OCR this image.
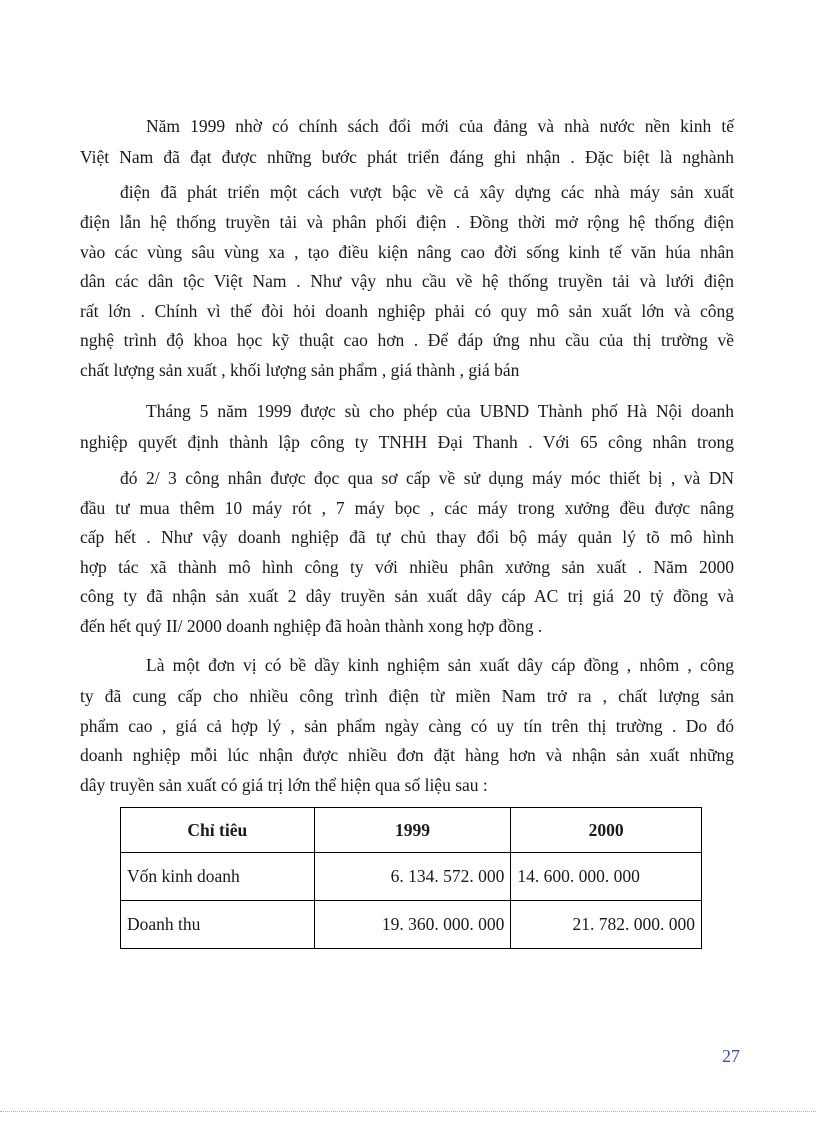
Năm 1999 nhờ có chính sách đổi mới của đảng và nhà nước nền kinh tế
Việt Nam đã đạt được những bước phát triển đáng ghi nhận . Đặc biệt là nghành
điện đã phát triển một cách vượt bậc về cả xây dựng các nhà máy sản xuất
điện lẫn hệ thống truyền tải và phân phối điện . Đồng thời mở rộng hệ thống điện
vào các vùng sâu vùng xa , tạo điều kiện nâng cao đời sống kinh tế văn húa nhân
dân các dân tộc Việt Nam . Như vậy nhu cầu về hệ thống truyền tải và lưới điện
rất lớn . Chính vì thế đòi hỏi doanh nghiệp phải có quy mô sản xuất lớn và công
nghệ trình độ khoa học kỹ thuật cao hơn . Để đáp ứng nhu cầu của thị trường về
chất lượng sản xuất , khối lượng sản phẩm , giá thành , giá bán
Tháng 5 năm 1999 được sù cho phép của UBND Thành phố Hà Nội doanh
nghiệp quyết định thành lập công ty TNHH Đại Thanh . Với 65 công nhân trong
đó 2/ 3 công nhân được đọc qua sơ cấp về sử dụng máy móc thiết bị , và DN
đầu tư mua thêm 10 máy rót , 7 máy bọc , các máy trong xưởng đều được nâng
cấp hết . Như vậy doanh nghiệp đã tự chủ thay đổi bộ máy quản lý tõ mô hình
hợp tác xã thành mô hình công ty với nhiều phân xưởng sản xuất . Năm 2000
công ty đã nhận sản xuất 2 dây truyền sản xuất dây cáp AC trị giá 20 tỷ đồng và
đến hết quý II/ 2000 doanh nghiệp đã hoàn thành xong hợp đồng .
Là một đơn vị có bề dầy kinh nghiệm sản xuất dây cáp đồng , nhôm , công
ty đã cung cấp cho nhiều công trình điện từ miền Nam trở ra , chất lượng sản
phẩm cao , giá cả hợp lý , sản phẩm ngày càng có uy tín trên thị trường . Do đó
doanh nghiệp mỗi lúc nhận được nhiều đơn đặt hàng hơn và nhận sản xuất những
dây truyền sản xuất có giá trị lớn thể hiện qua số liệu sau :
Chỉ tiêu	1999	2000
Vốn kinh doanh	6. 134. 572. 000	14. 600. 000. 000
Doanh thu	19. 360. 000. 000	21. 782. 000. 000
27
